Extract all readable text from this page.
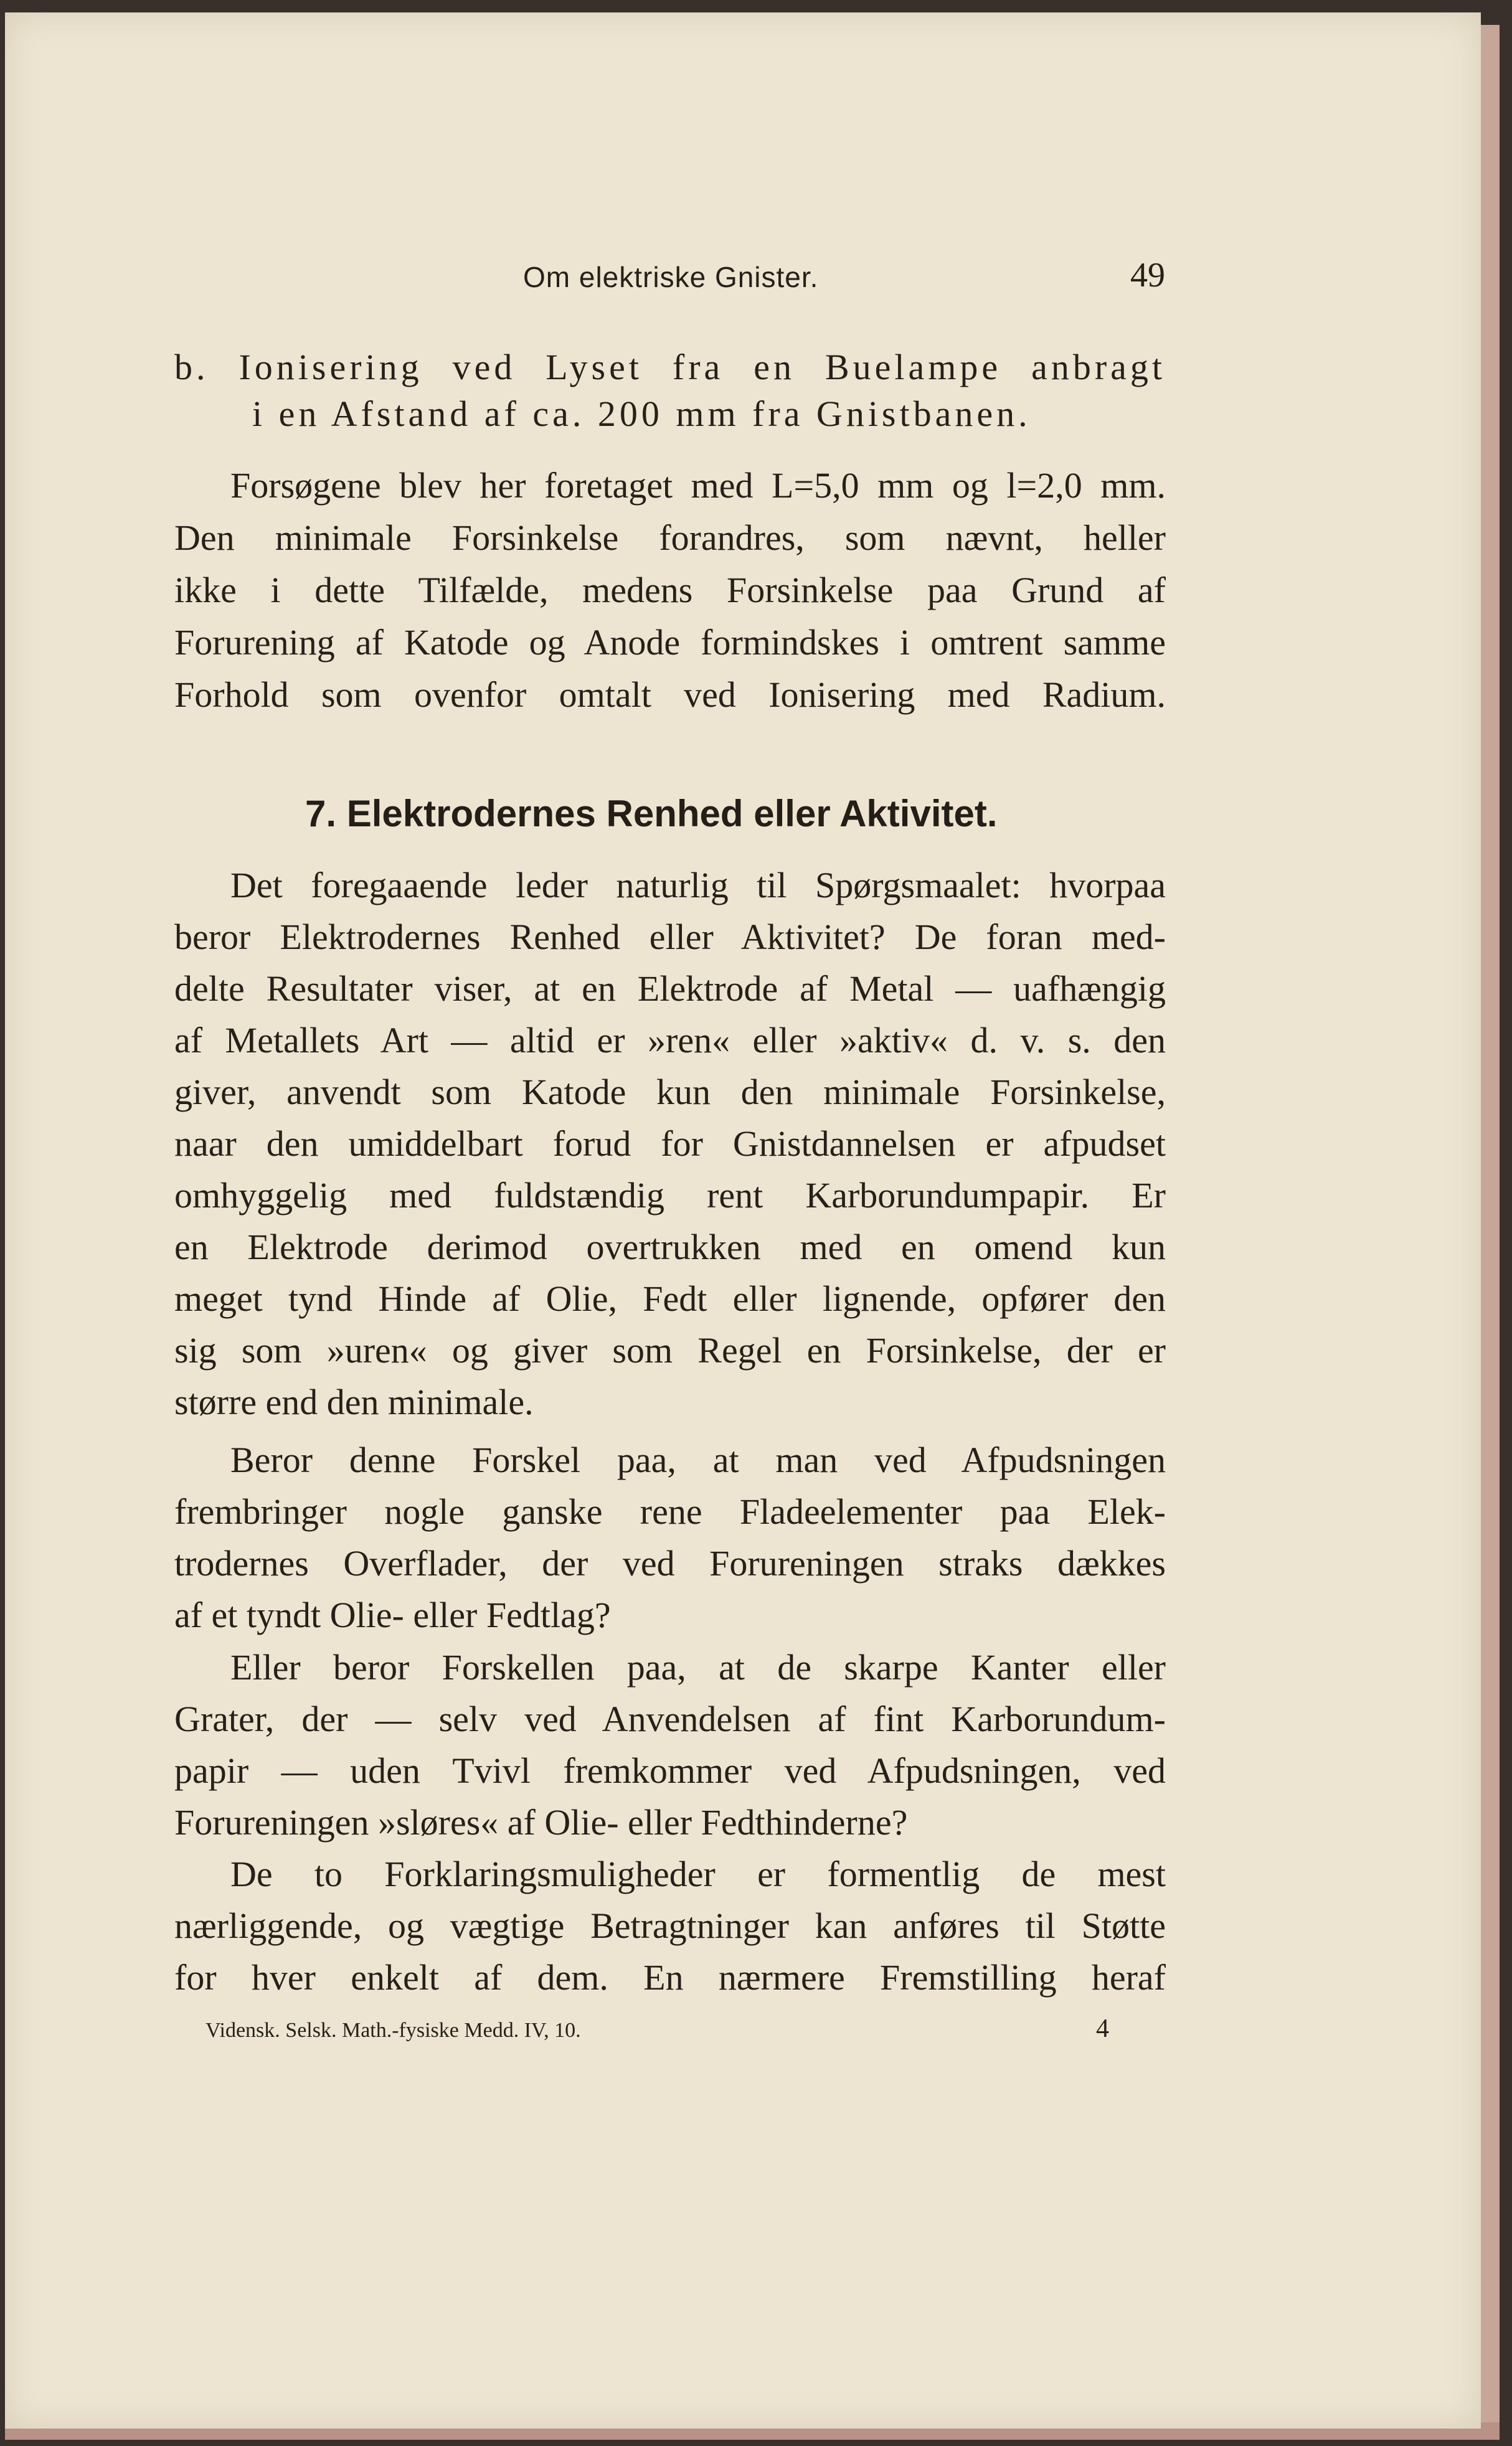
Om elektriske Gnister.	49
b. Ionisering ved Lyset fra en Buelampe anbragt
i en Afstand af ca. 200 mm fra Gnistbanen.
Forsøgene blev her foretaget med L=5,0 mm og l=2,0 mm.
Den minimale Forsinkelse forandres, som nævnt, heller
ikke i dette Tilfælde, medens Forsinkelse paa Grund af
Forurening af Katode og Anode formindskes i omtrent samme
Forhold som ovenfor omtalt ved Ionisering med Radium.
7. Elektrodernes Renhed eller Aktivitet.
Det foregaaende leder naturlig til Spørgsmaalet: hvorpaa
beror Elektrodernes Renhed eller Aktivitet? De foran med-
delte Resultater viser, at en Elektrode af Metal — uafhængig
af Metallets Art — altid er »ren« eller »aktiv« d. v. s. den
giver, anvendt som Katode kun den minimale Forsinkelse,
naar den umiddelbart forud for Gnistdannelsen er afpudset
omhyggelig med fuldstændig rent Karborundumpapir. Er
en Elektrode derimod overtrukken med en omend kun
meget tynd Hinde af Olie, Fedt eller lignende, opfører den
sig som »uren« og giver som Regel en Forsinkelse, der er
større end den minimale.
Beror denne Forskel paa, at man ved Afpudsningen
frembringer nogle ganske rene Fladeelementer paa Elek-
trodernes Overflader, der ved Forureningen straks dækkes
af et tyndt Olie- eller Fedtlag?
Eller beror Forskellen paa, at de skarpe Kanter eller
Grater, der — selv ved Anvendelsen af fint Karborundum-
papir — uden Tvivl fremkommer ved Afpudsningen, ved
Forureningen »sløres« af Olie- eller Fedthinderne?
De to Forklaringsmuligheder er formentlig de mest
nærliggende, og vægtige Betragtninger kan anføres til Støtte
for hver enkelt af dem. En nærmere Fremstilling heraf
Vidensk. Selsk. Math.-fysiske Medd. IV, 10.	4
